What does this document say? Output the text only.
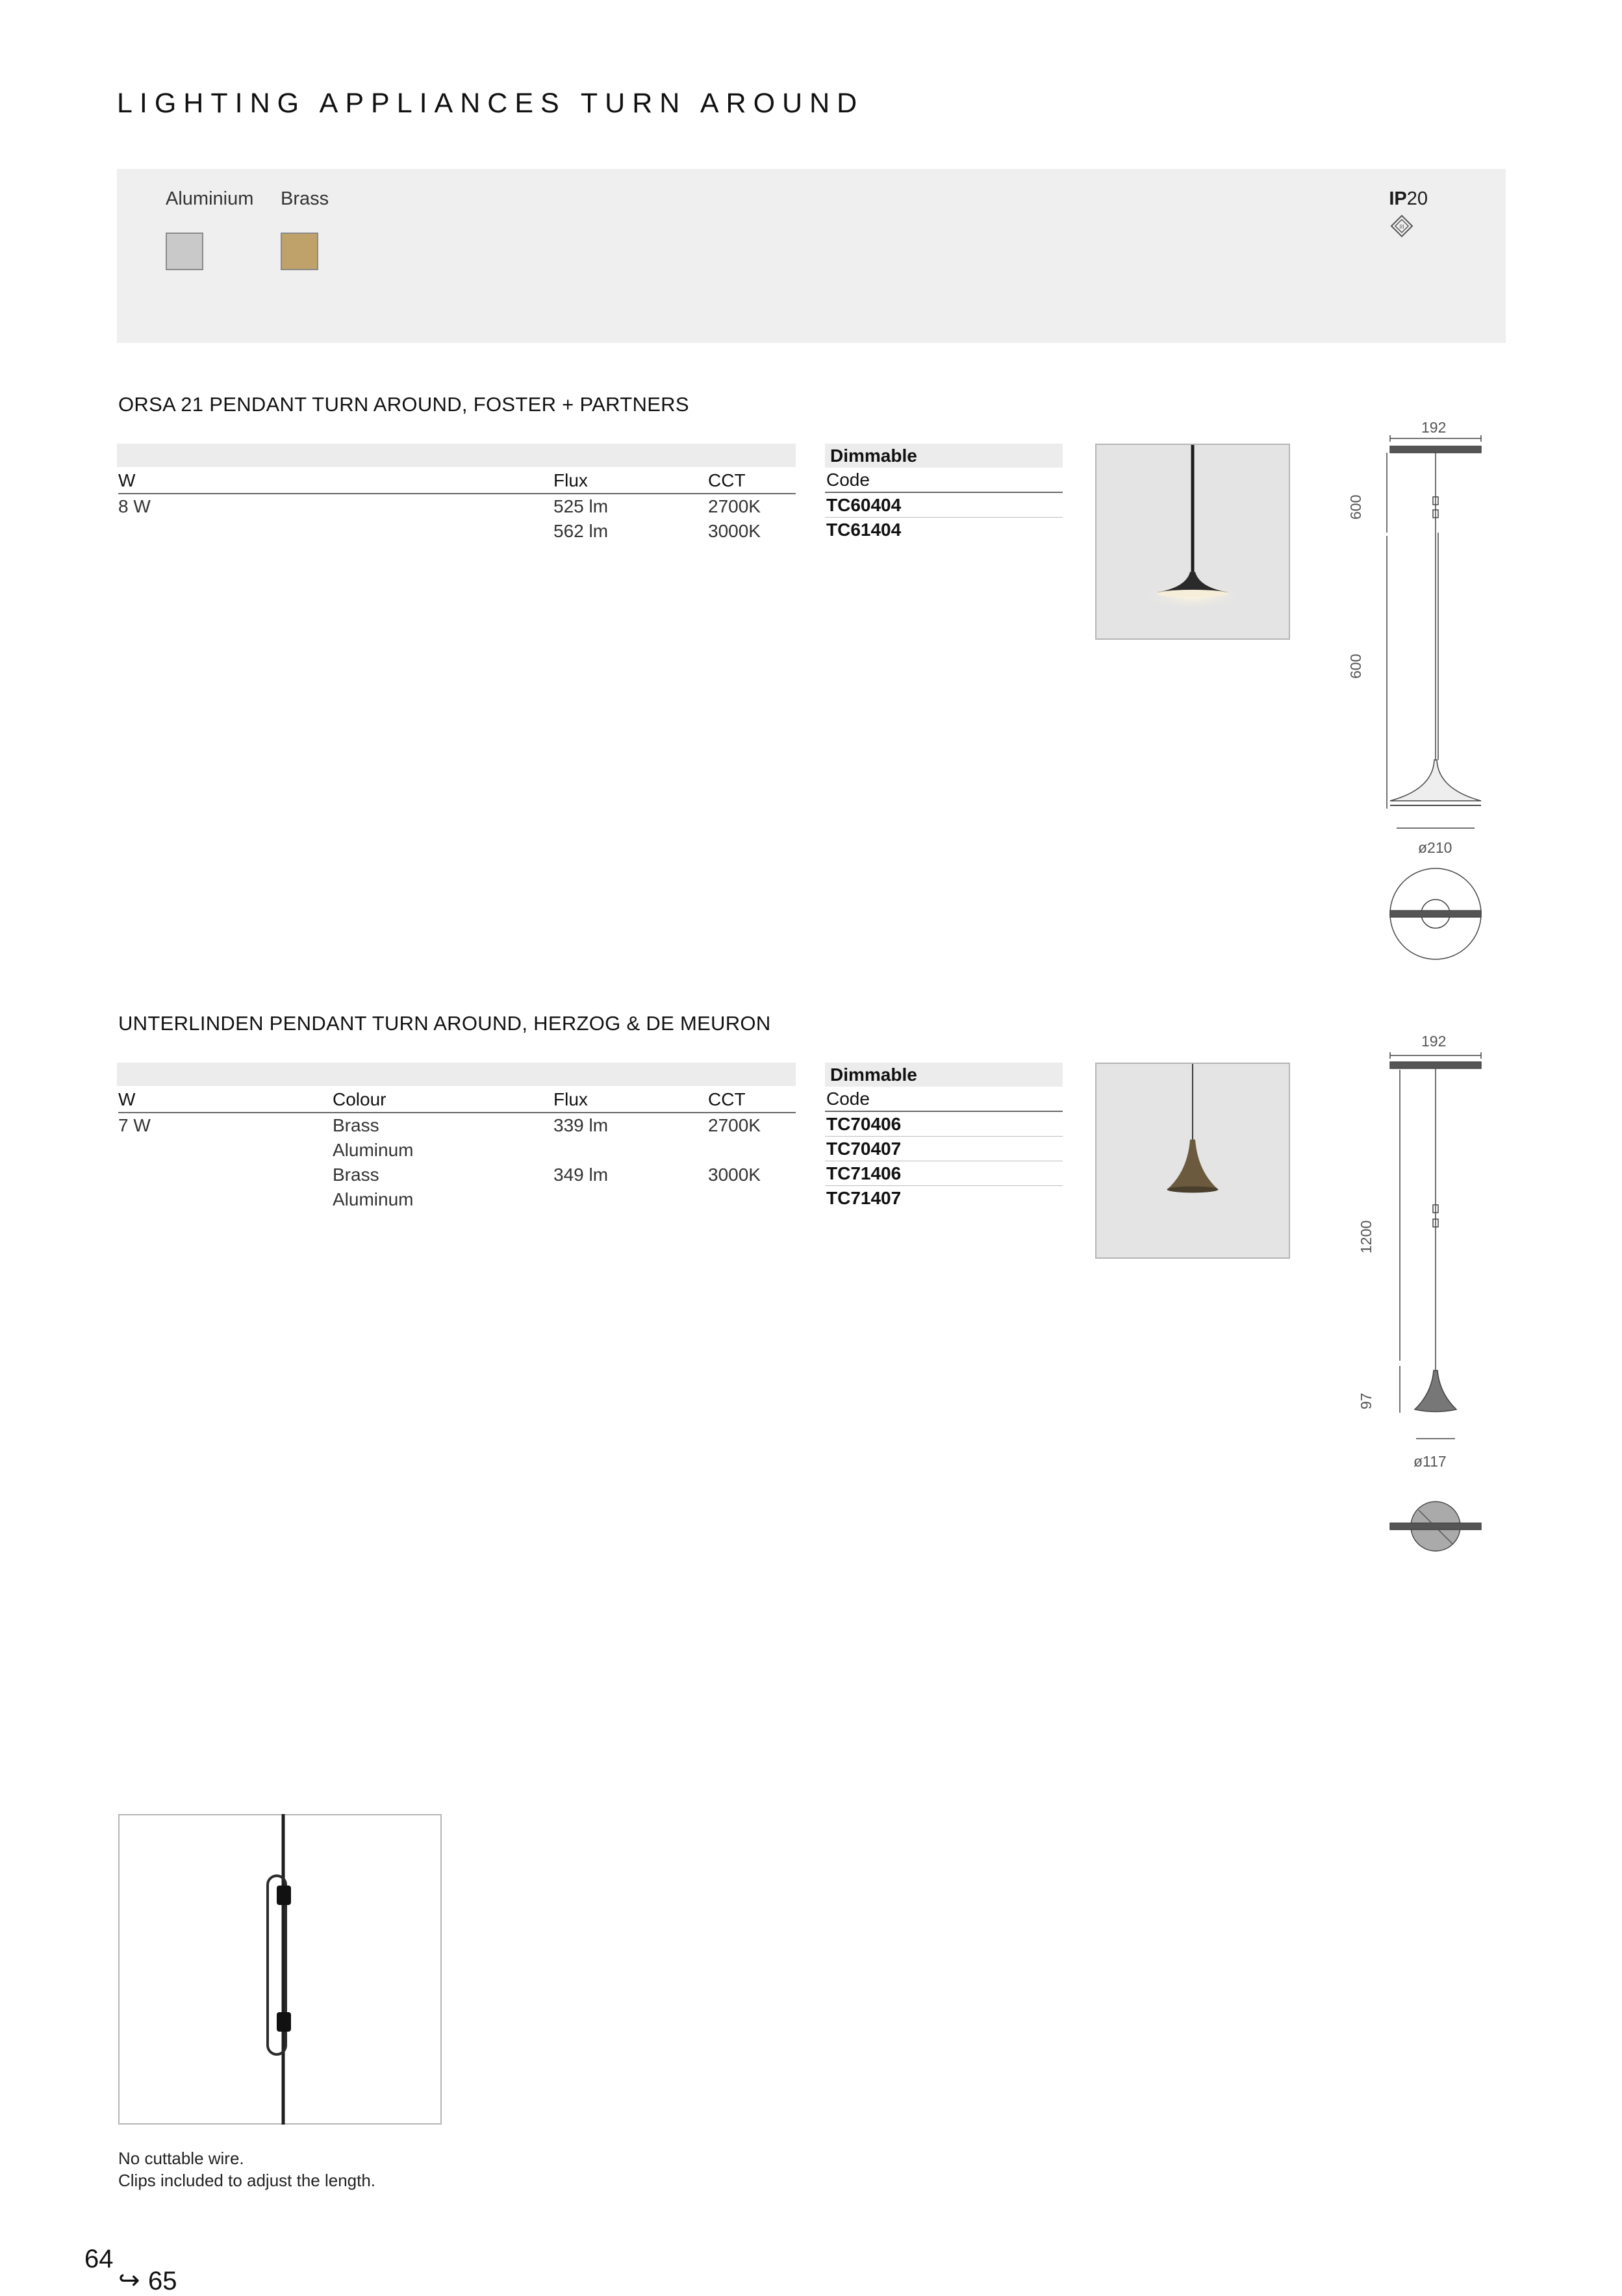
LIGHTING APPLIANCES TURN AROUND
Aluminium Brass	IP20
III
ORSA 21 PENDANT TURN AROUND, FOSTER + PARTNERS
W	Flux	CCT
8 W	525 lm	2700K
	562 lm	3000K
Dimmable
Code
TC60404
TC61404
192
600
600
ø210
UNTERLINDEN PENDANT TURN AROUND, HERZOG & DE MEURON
W	Colour	Flux	CCT
7 W	Brass	339 lm	2700K
	Aluminum		
	Brass	349 lm	3000K
	Aluminum		
Dimmable
Code
TC70406
TC70407
TC71406
TC71407
192
1200
97
ø117
No cuttable wire.
Clips included to adjust the length.
64
↪ 65
